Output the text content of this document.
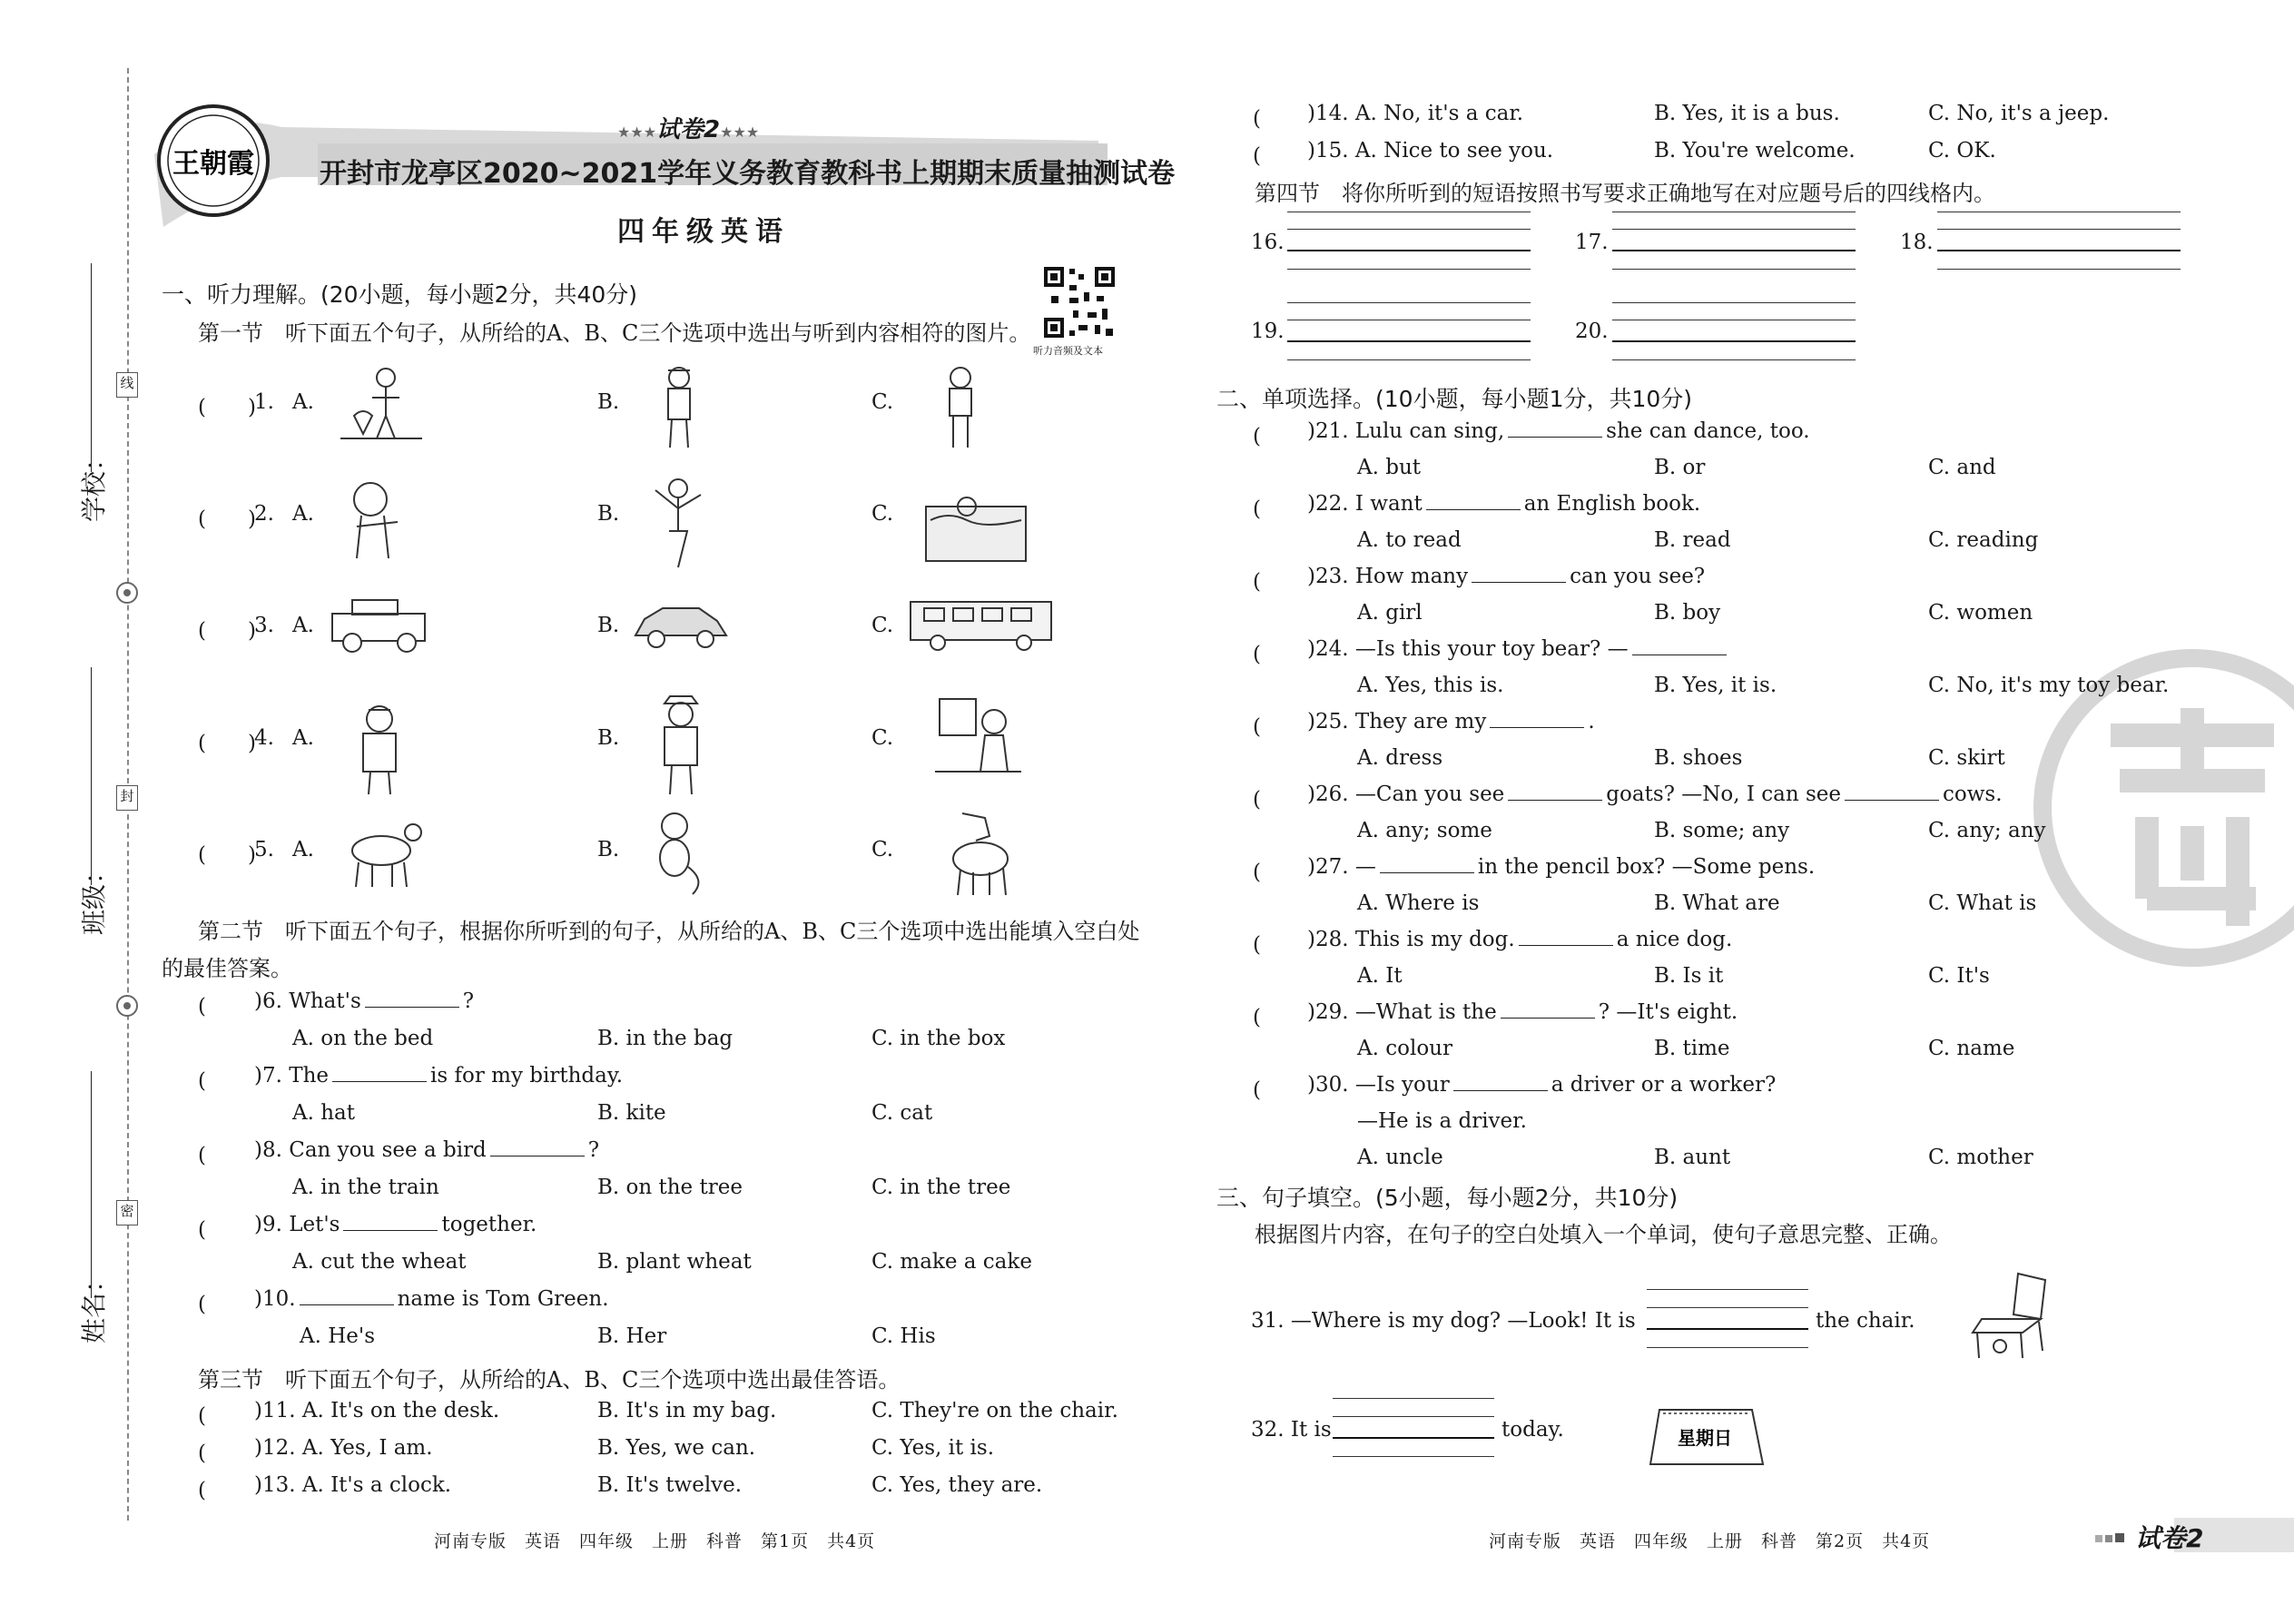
学校：
班级：
姓名：
线
封
密
王朝霞
★★★试卷2★★★
开封市龙亭区2020~2021学年义务教育教科书上期期末质量抽测试卷
四年级英语
听力音频及文本
一、听力理解。(20小题，每小题2分，共40分)
第一节　听下面五个句子，从所给的A、B、C三个选项中选出与听到内容相符的图片。
(　　)
1. A.	B.	C.
(　　)
2. A.	B.	C.
(　　)
3. A.	B.	C.
(　　)
4. A.	B.	C.
(　　)
5. A.	B.	C.
第二节　听下面五个句子，根据你所听到的句子，从所给的A、B、C三个选项中选出能填入空白处
的最佳答案。
(　　 )6. What's	?
A. on the bed	B. in the bag	C. in the box
(　　 )7. The	is for my birthday.
A. hat	B. kite	C. cat
(　　 )8. Can you see a bird	?
A. in the train	B. on the tree	C. in the tree
(　　 )9. Let's	together.
A. cut the wheat	B. plant wheat	C. make a cake
(　　 )10.	name is Tom Green.
A. He's	B. Her	C. His
第三节　听下面五个句子，从所给的A、B、C三个选项中选出最佳答语。
(　　 )11. A. It's on the desk.	B. It's in my bag.	C. They're on the chair.
(　　 )12. A. Yes, I am.	B. Yes, we can.	C. Yes, it is.
(　　 )13. A. It's a clock.	B. It's twelve.	C. Yes, they are.
河南专版　英语　四年级　上册　科普　第1页　共4页
(　　 )14. A. No, it's a car.	B. Yes, it is a bus.	C. No, it's a jeep.
(　　 )15. A. Nice to see you.	B. You're welcome.	C. OK.
第四节　将你所听到的短语按照书写要求正确地写在对应题号后的四线格内。
16.	17.	18.
19.	20.
二、单项选择。(10小题，每小题1分，共10分)
(　　 )21. Lulu can sing,	she can dance, too.
A. but	B. or	C. and
(　　 )22. I want	an English book.
A. to read	B. read	C. reading
(　　 )23. How many	can you see?
A. girl	B. boy	C. women
(　　 )24. —Is this your toy bear? —
A. Yes, this is.	B. Yes, it is.	C. No, it's my toy bear.
(　　 )25. They are my	.
A. dress	B. shoes	C. skirt
(　　 )26. —Can you see	goats? —No, I can see	cows.
A. any; some	B. some; any	C. any; any
(　　 )27. —	in the pencil box? —Some pens.
A. Where is	B. What are	C. What is
(　　 )28. This is my dog.	a nice dog.
A. It	B. Is it	C. It's
(　　 )29. —What is the	? —It's eight.
A. colour	B. time	C. name
(　　 )30. —Is your	a driver or a worker?
—He is a driver.
A. uncle	B. aunt	C. mother
三、句子填空。(5小题，每小题2分，共10分)
根据图片内容，在句子的空白处填入一个单词，使句子意思完整、正确。
31. —Where is my dog? —Look! It is	the chair.
32. It is	today.	星期日
河南专版　英语　四年级　上册　科普　第2页　共4页	试卷2
